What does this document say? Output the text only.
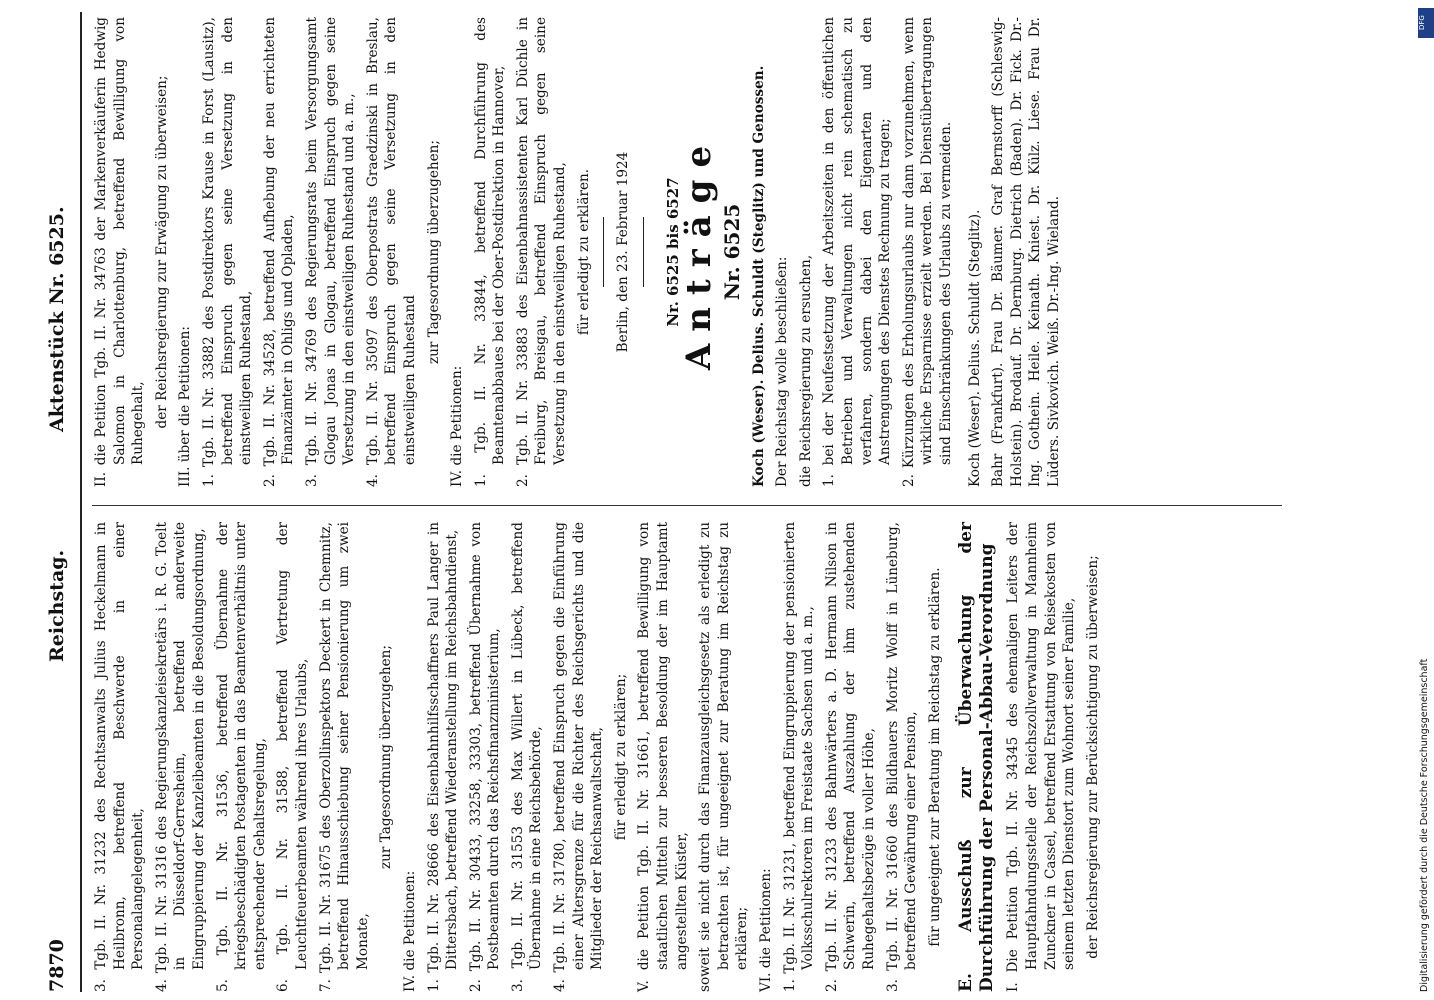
7870
Reichstag.
Aktenstück Nr. 6525.
3. Tgb. II. Nr. 31232 des Rechtsanwalts Julius Heckelmann in Heilbronn, betreffend Beschwerde in einer Personalangelegenheit, 4. Tgb. II. Nr. 31316 des Regierungskanzleisekretärs i. R. G. Toelt in Düsseldorf-Gerresheim, betreffend anderweite Eingruppierung der Kanzleibeamten in die Besoldungsordnung, 5. Tgb. II. Nr. 31536, betreffend Übernahme der kriegsbeschädigten Postagenten in das Beamtenverhältnis unter entsprechender Gehaltsregelung, 6. Tgb. II. Nr. 31588, betreffend Vertretung der Leuchtfeuerbeamten während ihres Urlaubs, 7. Tgb. II. Nr. 31675 des Oberzollinspektors Deckert in Chemnitz, betreffend Hinausschiebung seiner Pensionierung um zwei Monate,
zur Tagesordnung überzugehen;
IV. die Petitionen: 1. Tgb. II. Nr. 28666 des Eisenbahnhilfsschaffners Paul Langer in Dittersbach, betreffend Wiederanstellung im Reichsbahndienst, 2. Tgb. II. Nr. 30433, 33258, 33303, betreffend Übernahme von Postbeamten durch das Reichsfinanzministerium, 3. Tgb. II. Nr. 31553 des Max Willert in Lübeck, betreffend Übernahme in eine Reichsbehörde, 4. Tgb. II. Nr. 31780, betreffend Einspruch gegen die Einführung einer Altersgrenze für die Richter des Reichsgerichts und die Mitglieder der Reichsanwaltschaft, für erledigt zu erklären; V. die Petition Tgb. II. Nr. 31661, betreffend Bewilligung von staatlichen Mitteln zur besseren Besoldung der im Hauptamt angestellten Küster, soweit sie nicht durch das Finanzausgleichsgesetz als erledigt zu betrachten ist, für ungeeignet zur Beratung im Reichstag zu erklären; VI. die Petitionen: 1. Tgb. II. Nr. 31231, betreffend Eingruppierung der pensionierten Volksschulrektoren im Freistaate Sachsen und a. m., 2. Tgb. II. Nr. 31233 des Bahnwärters a. D. Hermann Nilson in Schwerin, betreffend Auszahlung der ihm zustehenden Ruhegehaltsbezüge in voller Höhe, 3. Tgb. II. Nr. 31660 des Bildhauers Moritz Wolff in Lüneburg, betreffend Gewährung einer Pension, für ungeeignet zur Beratung im Reichstag zu erklären. E. Ausschuß zur Überwachung der Durchführung der Personal-Abbau-Verordnung I. Die Petition Tgb. II. Nr. 34345 des ehemaligen Leiters der Hauptfahndungsstelle der Reichszollverwaltung in Mannheim Zunckner in Cassel, betreffend Erstattung von Reisekosten von seinem letzten Dienstort zum Wohnort seiner Familie, der Reichsregierung zur Berücksichtigung zu überweisen;
II. die Petition Tgb. II. Nr. 34763 der Markenverkäuferin Hedwig Salomon in Charlottenburg, betreffend Bewilligung von Ruhegehalt, der Reichsregierung zur Erwägung zu überweisen; III. über die Petitionen: 1. Tgb. II. Nr. 33882 des Postdirektors Krause in Forst (Lausitz), betreffend Einspruch gegen seine Versetzung in den einstweiligen Ruhestand, 2. Tgb. II. Nr. 34528, betreffend Aufhebung der neu errichteten Finanzämter in Ohligs und Opladen, 3. Tgb. II. Nr. 34769 des Regierungsrats beim Versorgungsamt Glogau Jonas in Glogau, betreffend Einspruch gegen seine Versetzung in den einstweiligen Ruhestand und a. m., 4. Tgb. II. Nr. 35097 des Oberpostrats Graedzinski in Breslau, betreffend Einspruch gegen seine Versetzung in den einstweiligen Ruhestand
zur Tagesordnung überzugehen;
IV. die Petitionen: 1. Tgb. II. Nr. 33844, betreffend Durchführung des Beamtenabbaues bei der Ober-Postdirektion in Hannover, 2. Tgb. II. Nr. 33883 des Eisenbahnassistenten Karl Düchle in Freiburg, Breisgau, betreffend Einspruch gegen seine Versetzung in den einstweiligen Ruhestand, für erledigt zu erklären. Berlin, den 23. Februar 1924 Nr. 6525 bis 6527
Anträge Nr. 6525 Koch (Weser). Delius. Schuldt (Steglitz) und Genossen. Der Reichstag wolle beschließen: die Reichsregierung zu ersuchen, 1. bei der Neufestsetzung der Arbeitszeiten in den öffentlichen Betrieben und Verwaltungen nicht rein schematisch zu verfahren, sondern dabei den Eigenarten und den Anstrengungen des Dienstes Rechnung zu tragen; 2. Kürzungen des Erholungsurlaubs nur dann vorzunehmen, wenn wirkliche Ersparnisse erzielt werden. Bei Dienstübertragungen sind Einschränkungen des Urlaubs zu vermeiden. Koch (Weser). Delius. Schuldt (Steglitz). Bahr (Frankfurt). Frau Dr. Bäumer. Graf Bernstorff (Schleswig-Holstein). Brodauf. Dr. Dernburg. Dietrich (Baden). Dr. Fick. Dr.-Ing. Gothein. Heile. Keinath. Kniest. Dr. Külz. Liese. Frau Dr. Lüders. Sivkovich. Weiß. Dr.-Ing. Wieland.
Digitalisierung gefördert durch die Deutsche Forschungsgemeinschaft
DFG
